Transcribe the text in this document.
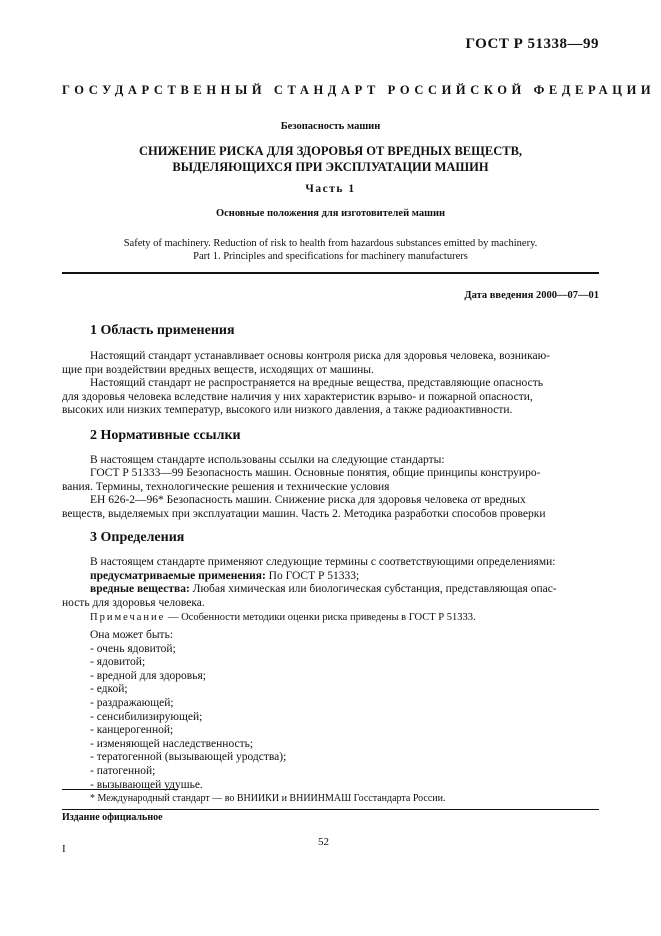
ГОСТ Р 51338—99
ГОСУДАРСТВЕННЫЙ СТАНДАРТ РОССИЙСКОЙ ФЕДЕРАЦИИ
Безопасность машин
СНИЖЕНИЕ РИСКА ДЛЯ ЗДОРОВЬЯ ОТ ВРЕДНЫХ ВЕЩЕСТВ,
ВЫДЕЛЯЮЩИХСЯ ПРИ ЭКСПЛУАТАЦИИ МАШИН
Часть 1
Основные положения для изготовителей машин
Safety of machinery. Reduction of risk to health from hazardous substances emitted by machinery.
Part 1. Principles and specifications for machinery manufacturers
Дата введения 2000—07—01
1 Область применения
Настоящий стандарт устанавливает основы контроля риска для здоровья человека, возникаю-
щие при воздействии вредных веществ, исходящих от машины.
Настоящий стандарт не распространяется на вредные вещества, представляющие опасность
для здоровья человека вследствие наличия у них характеристик взрыво- и пожарной опасности,
высоких или низких температур, высокого или низкого давления, а также радиоактивности.
2 Нормативные ссылки
В настоящем стандарте использованы ссылки на следующие стандарты:
ГОСТ Р 51333—99 Безопасность машин. Основные понятия, общие принципы конструиро-
вания. Термины, технологические решения и технические условия
ЕН 626-2—96* Безопасность машин. Снижение риска для здоровья человека от вредных
веществ, выделяемых при эксплуатации машин. Часть 2. Методика разработки способов проверки
3 Определения
В настоящем стандарте применяют следующие термины с соответствующими определениями:
предусматриваемые применения: По ГОСТ Р 51333;
вредные вещества: Любая химическая или биологическая субстанция, представляющая опас-
ность для здоровья человека.
Примечание — Особенности методики оценки риска приведены в ГОСТ Р 51333.
Она может быть:
- очень ядовитой;
- ядовитой;
- вредной для здоровья;
- едкой;
- раздражающей;
- сенсибилизирующей;
- канцерогенной;
- изменяющей наследственность;
- тератогенной (вызывающей уродства);
- патогенной;
- вызывающей удушье.
* Международный стандарт — во ВНИИКИ и ВНИИНМАШ Госстандарта России.
Издание официальное
I
52
